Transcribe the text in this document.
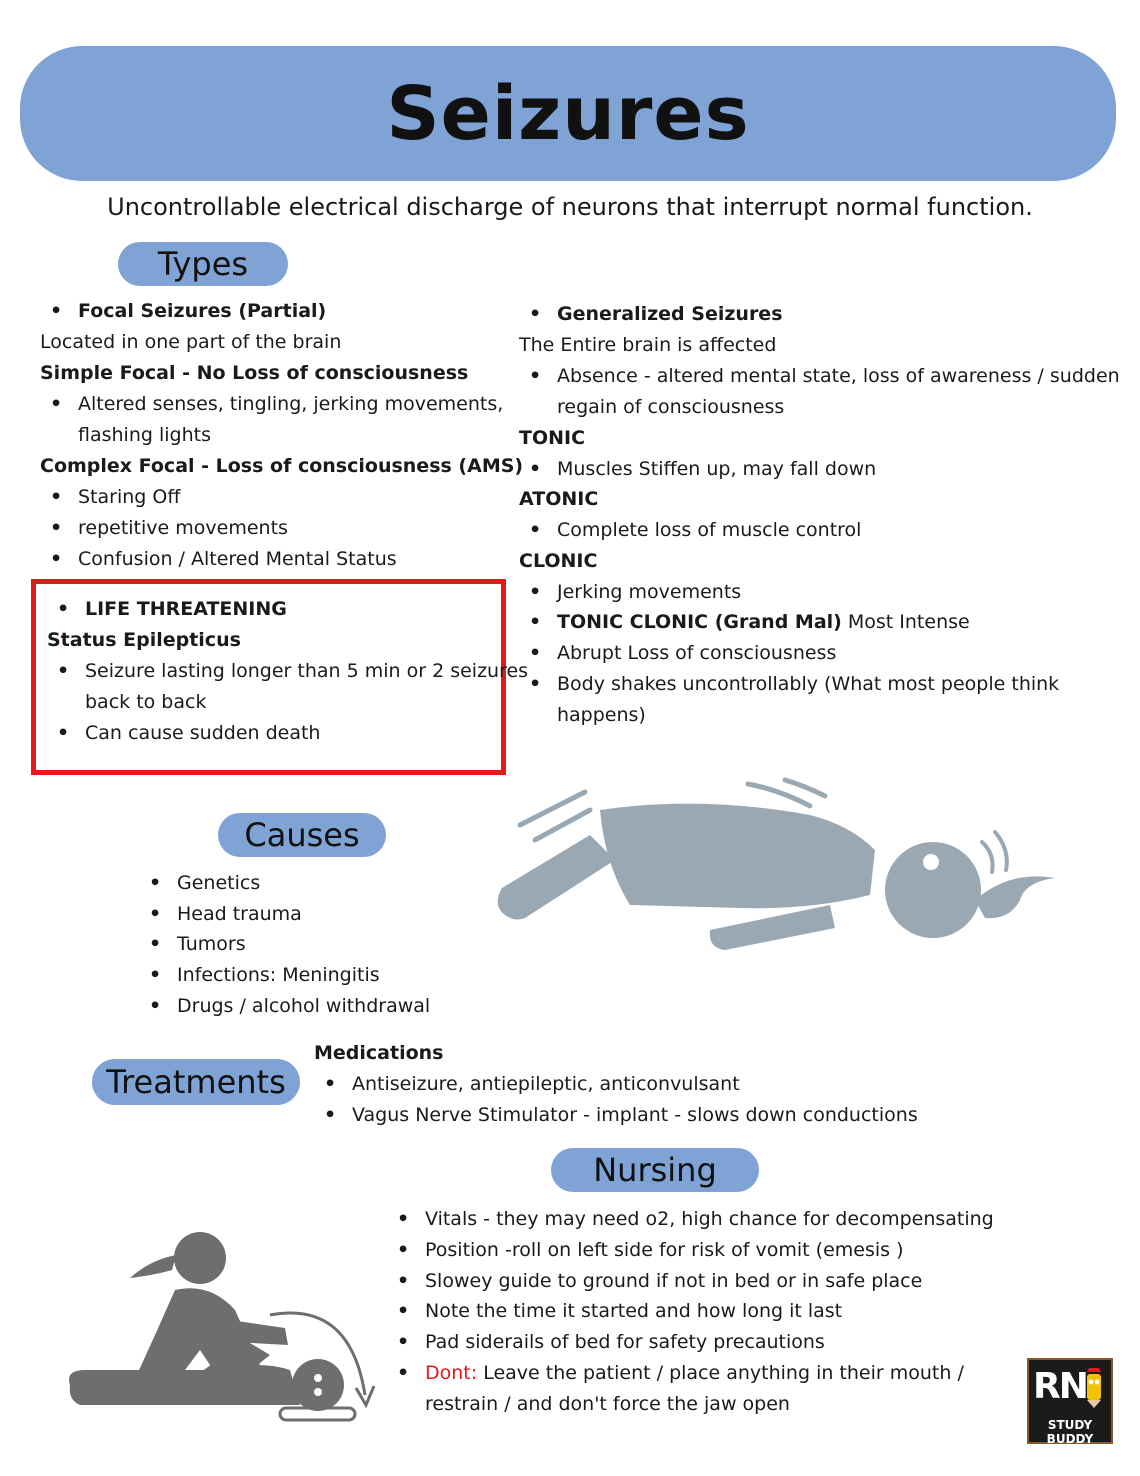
Seizures
Uncontrollable electrical discharge of neurons that interrupt normal function.
Types
• Focal Seizures (Partial)
Located in one part of the brain
Simple Focal - No Loss of consciousness
• Altered senses, tingling, jerking movements,
flashing lights
Complex Focal - Loss of consciousness (AMS)
• Staring Off
• repetitive movements
• Confusion / Altered Mental Status
• LIFE THREATENING
Status Epilepticus
• Seizure lasting longer than 5 min or 2 seizures
back to back
• Can cause sudden death
• Generalized Seizures
The Entire brain is affected
• Absence - altered mental state, loss of awareness / sudden
regain of consciousness
TONIC
• Muscles Stiffen up, may fall down
ATONIC
• Complete loss of muscle control
CLONIC
• Jerking movements
• TONIC CLONIC (Grand Mal) Most Intense
• Abrupt Loss of consciousness
• Body shakes uncontrollably (What most people think
happens)
Causes
• Genetics
• Head trauma
• Tumors
• Infections: Meningitis
• Drugs / alcohol withdrawal
Treatments
Medications
• Antiseizure, antiepileptic, anticonvulsant
• Vagus Nerve Stimulator - implant - slows down conductions
Nursing
• Vitals - they may need o2, high chance for decompensating
• Position -roll on left side for risk of vomit (emesis )
• Slowey guide to ground if not in bed or in safe place
• Note the time it started and how long it last
• Pad siderails of bed for safety precautions
• Dont: Leave the patient / place anything in their mouth /
restrain / and don't force the jaw open	RN
STUDY BUDDY
